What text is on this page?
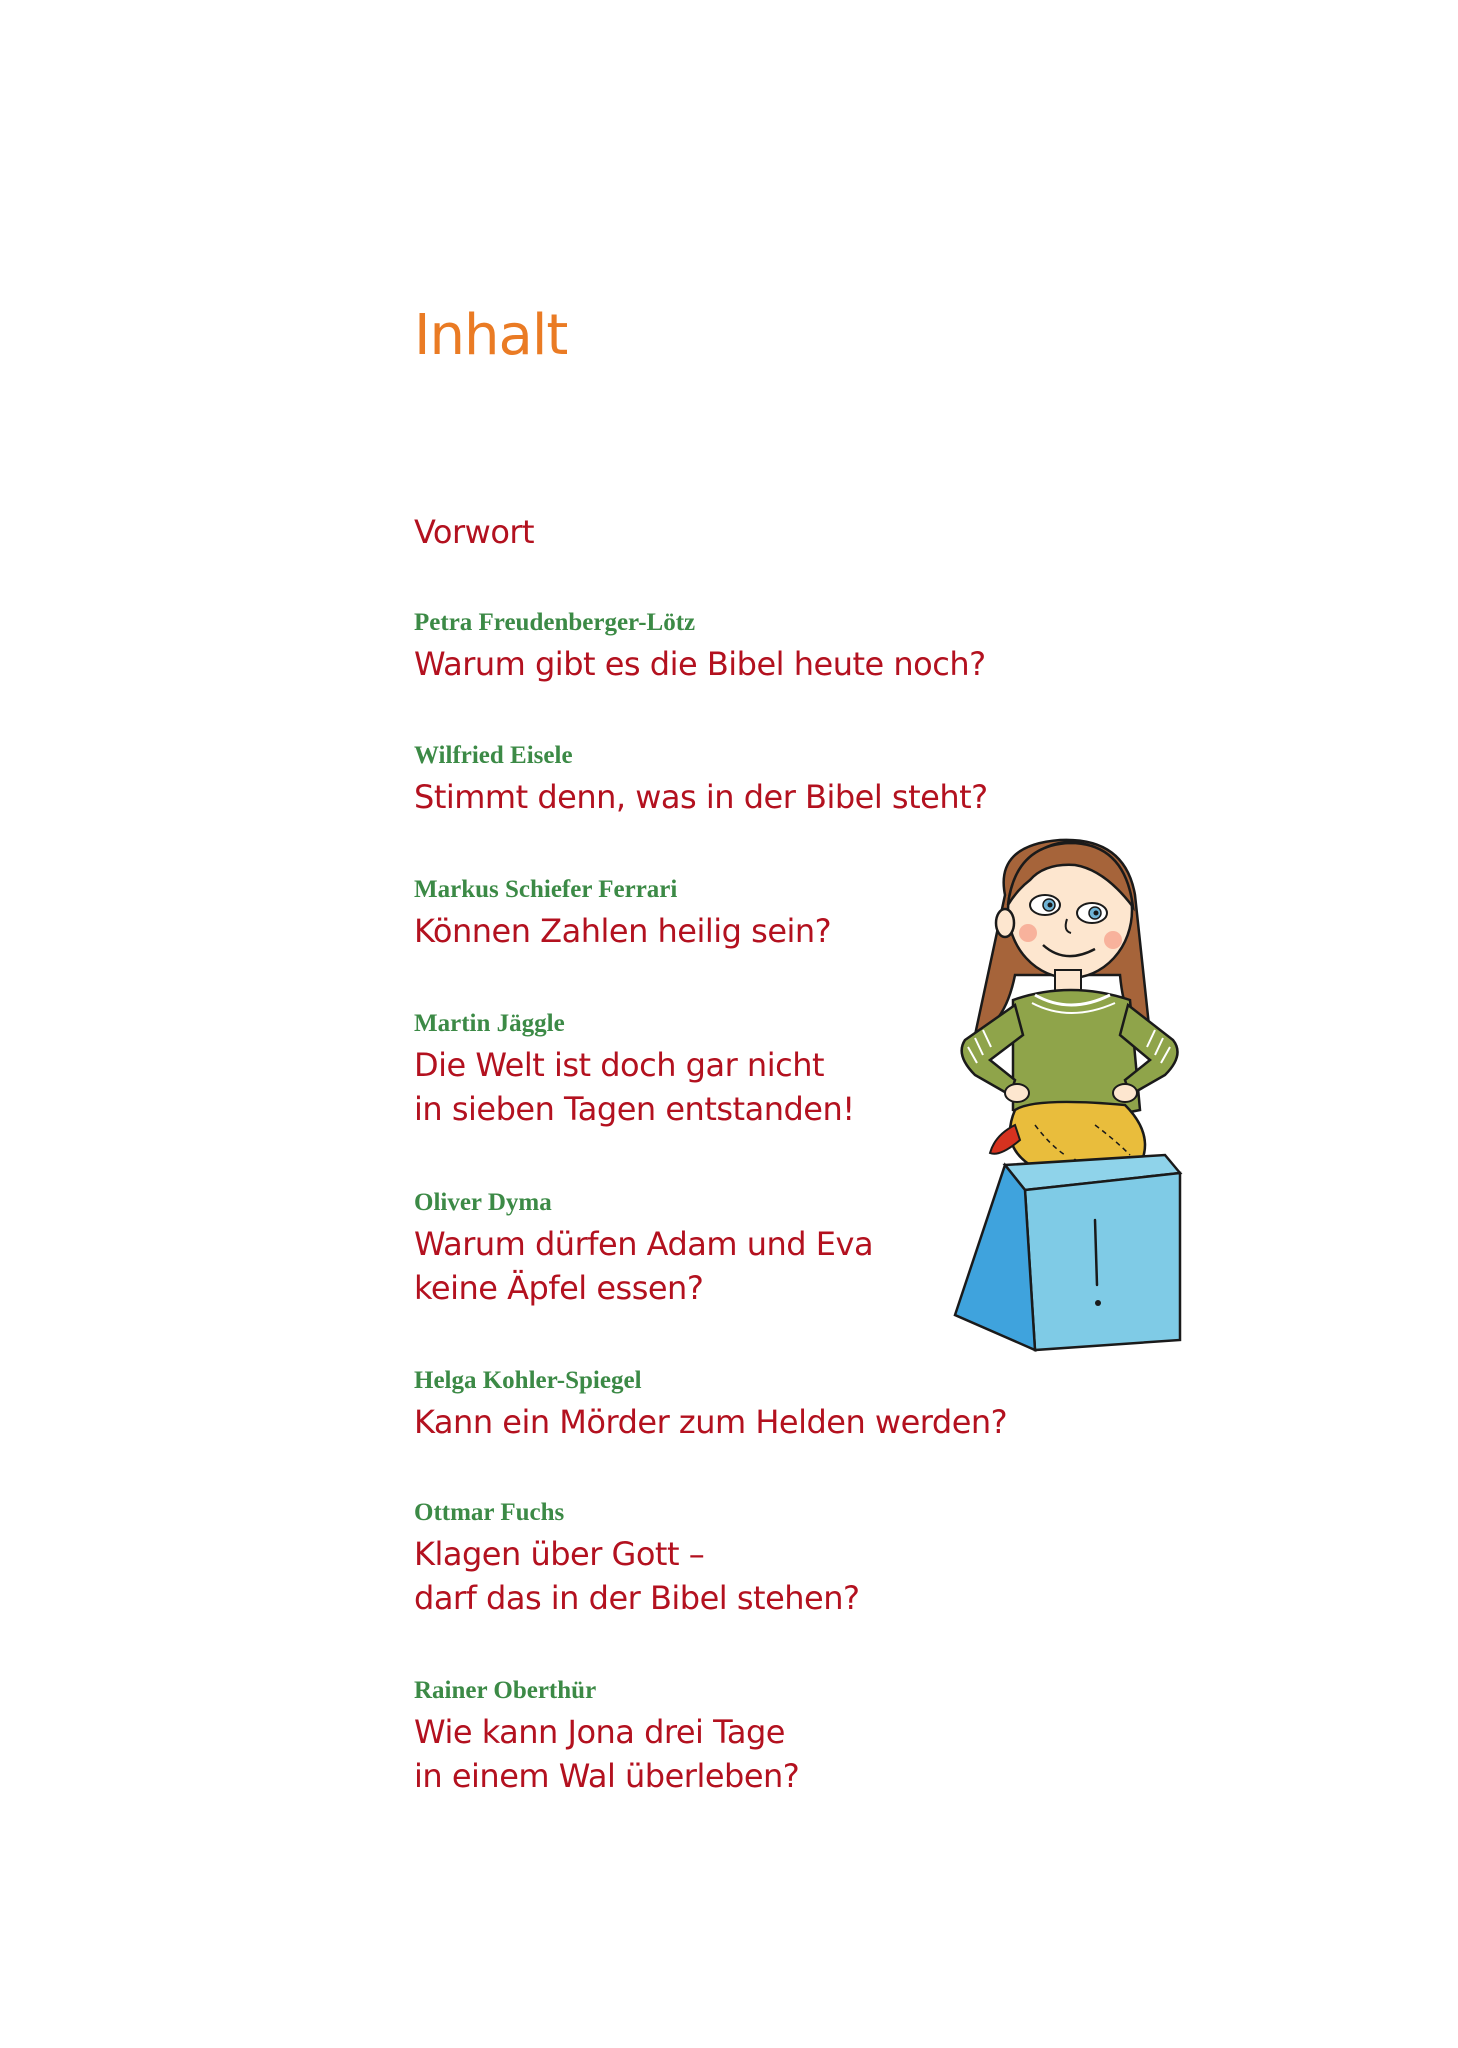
Inhalt
Vorwort
Petra Freudenberger-Lötz
Warum gibt es die Bibel heute noch?
Wilfried Eisele
Stimmt denn, was in der Bibel steht?
Markus Schiefer Ferrari
Können Zahlen heilig sein?
Martin Jäggle
Die Welt ist doch gar nicht
in sieben Tagen entstanden!
Oliver Dyma
Warum dürfen Adam und Eva
keine Äpfel essen?
Helga Kohler-Spiegel
Kann ein Mörder zum Helden werden?
Ottmar Fuchs
Klagen über Gott –
darf das in der Bibel stehen?
Rainer Oberthür
Wie kann Jona drei Tage
in einem Wal überleben?
